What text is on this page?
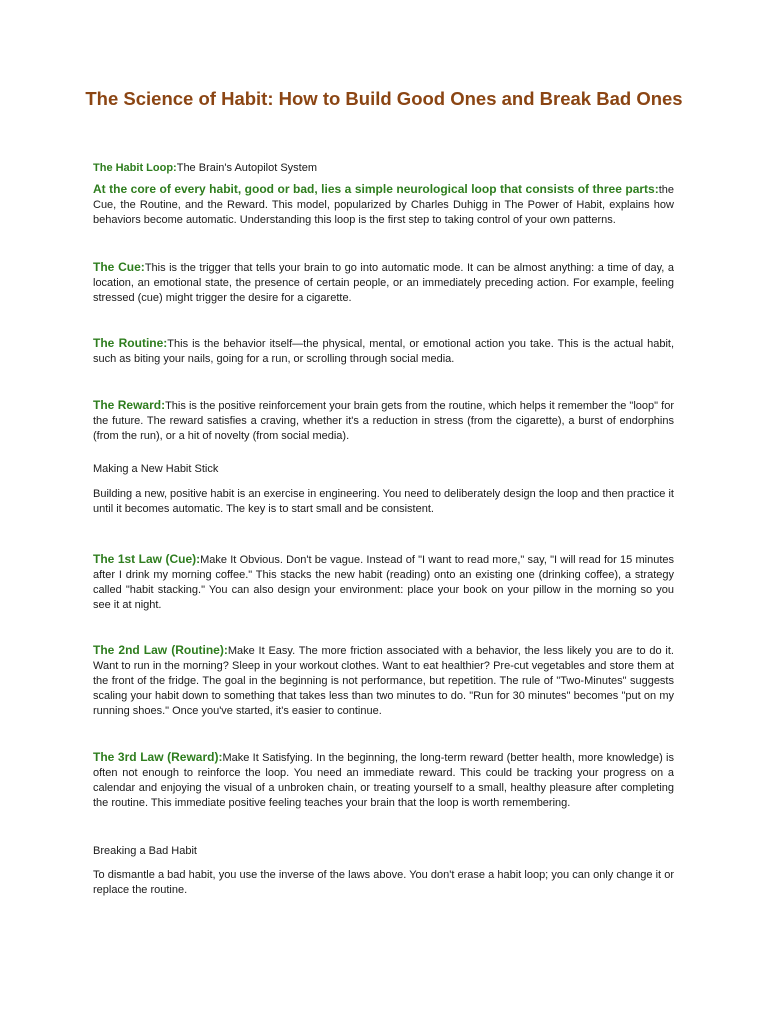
The Science of Habit: How to Build Good Ones and Break Bad Ones

The Habit Loop:The Brain's Autopilot System

At the core of every habit, good or bad, lies a simple neurological loop that consists of three parts:the Cue, the Routine, and the Reward. This model, popularized by Charles Duhigg in The Power of Habit, explains how behaviors become automatic. Understanding this loop is the first step to taking control of your own patterns.

The Cue:This is the trigger that tells your brain to go into automatic mode. It can be almost anything: a time of day, a location, an emotional state, the presence of certain people, or an immediately preceding action. For example, feeling stressed (cue) might trigger the desire for a cigarette.

The Routine:This is the behavior itself—the physical, mental, or emotional action you take. This is the actual habit, such as biting your nails, going for a run, or scrolling through social media.

The Reward:This is the positive reinforcement your brain gets from the routine, which helps it remember the "loop" for the future. The reward satisfies a craving, whether it's a reduction in stress (from the cigarette), a burst of endorphins (from the run), or a hit of novelty (from social media).

Making a New Habit Stick

Building a new, positive habit is an exercise in engineering. You need to deliberately design the loop and then practice it until it becomes automatic. The key is to start small and be consistent.

The 1st Law (Cue):Make It Obvious. Don't be vague. Instead of "I want to read more," say, "I will read for 15 minutes after I drink my morning coffee." This stacks the new habit (reading) onto an existing one (drinking coffee), a strategy called "habit stacking." You can also design your environment: place your book on your pillow in the morning so you see it at night.

The 2nd Law (Routine):Make It Easy. The more friction associated with a behavior, the less likely you are to do it. Want to run in the morning? Sleep in your workout clothes. Want to eat healthier? Pre-cut vegetables and store them at the front of the fridge. The goal in the beginning is not performance, but repetition. The rule of "Two-Minutes" suggests scaling your habit down to something that takes less than two minutes to do. "Run for 30 minutes" becomes "put on my running shoes." Once you've started, it's easier to continue.

The 3rd Law (Reward):Make It Satisfying. In the beginning, the long-term reward (better health, more knowledge) is often not enough to reinforce the loop. You need an immediate reward. This could be tracking your progress on a calendar and enjoying the visual of a unbroken chain, or treating yourself to a small, healthy pleasure after completing the routine. This immediate positive feeling teaches your brain that the loop is worth remembering.

Breaking a Bad Habit

To dismantle a bad habit, you use the inverse of the laws above. You don't erase a habit loop; you can only change it or replace the routine.
